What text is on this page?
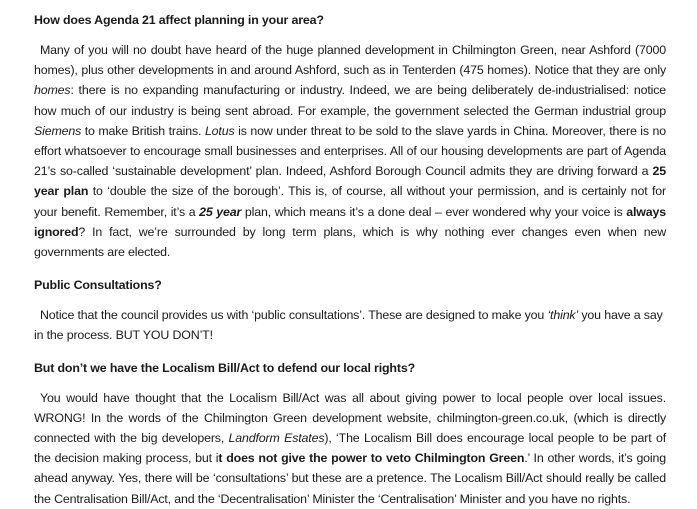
How does Agenda 21 affect planning in your area?

Many of you will no doubt have heard of the huge planned development in Chilmington Green, near Ashford (7000 homes), plus other developments in and around Ashford, such as in Tenterden (475 homes). Notice that they are only homes: there is no expanding manufacturing or industry. Indeed, we are being deliberately de-industrialised: notice how much of our industry is being sent abroad. For example, the government selected the German industrial group Siemens to make British trains. Lotus is now under threat to be sold to the slave yards in China. Moreover, there is no effort whatsoever to encourage small businesses and enterprises. All of our housing developments are part of Agenda 21’s so-called ‘sustainable development’ plan. Indeed, Ashford Borough Council admits they are driving forward a 25 year plan to ‘double the size of the borough’. This is, of course, all without your permission, and is certainly not for your benefit. Remember, it’s a 25 year plan, which means it’s a done deal – ever wondered why your voice is always ignored? In fact, we’re surrounded by long term plans, which is why nothing ever changes even when new governments are elected.

Public Consultations?

Notice that the council provides us with ‘public consultations’. These are designed to make you ‘think’ you have a say in the process. BUT YOU DON’T!

But don’t we have the Localism Bill/Act to defend our local rights?

You would have thought that the Localism Bill/Act was all about giving power to local people over local issues. WRONG! In the words of the Chilmington Green development website, chilmington-green.co.uk, (which is directly connected with the big developers, Landform Estates), ‘The Localism Bill does encourage local people to be part of the decision making process, but it does not give the power to veto Chilmington Green.’ In other words, it’s going ahead anyway. Yes, there will be ‘consultations’ but these are a pretence. The Localism Bill/Act should really be called the Centralisation Bill/Act, and the ‘Decentralisation’ Minister the ‘Centralisation’ Minister and you have no rights.
